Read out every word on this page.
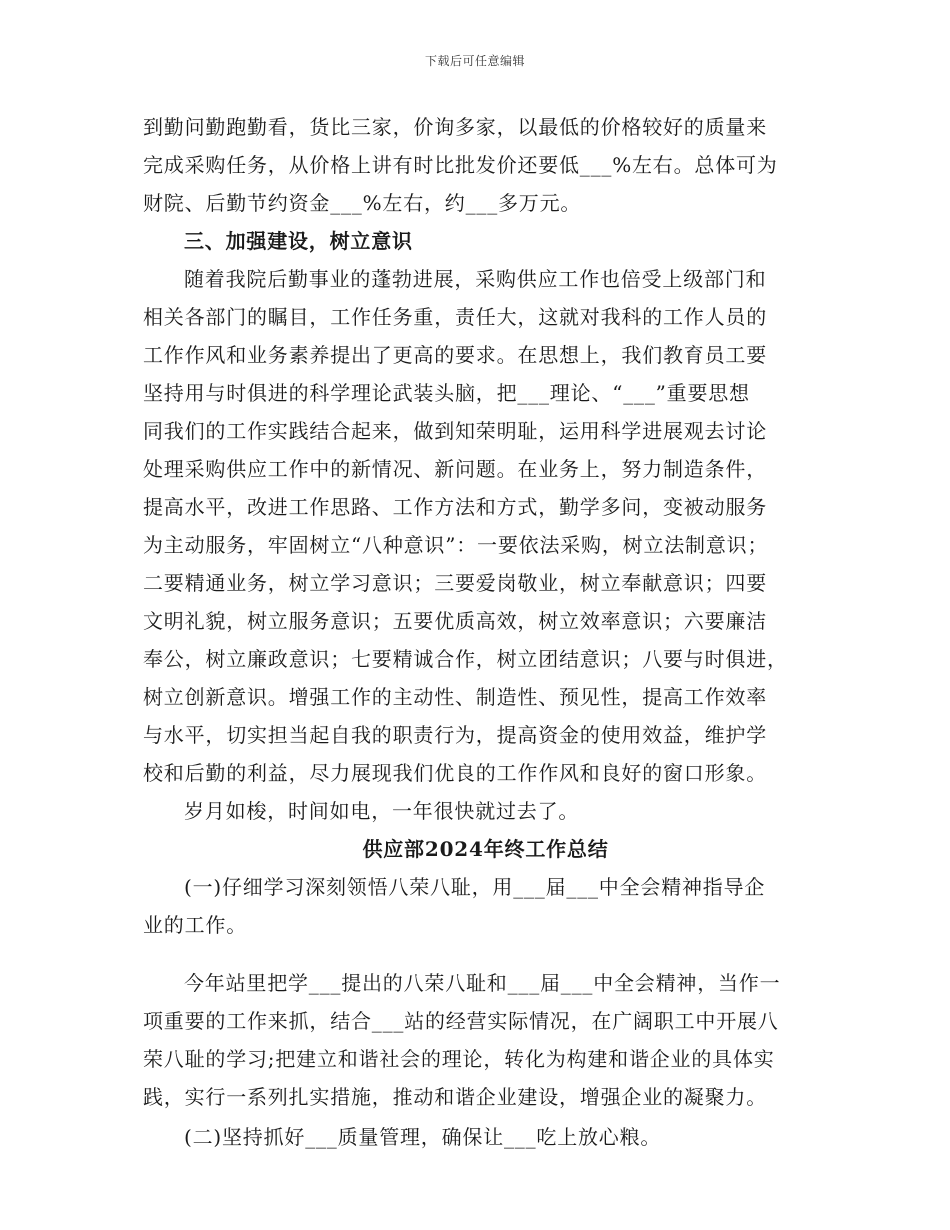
下载后可任意编辑
到勤问勤跑勤看，货比三家，价询多家，以最低的价格较好的质量来
完成采购任务，从价格上讲有时比批发价还要低___%左右。总体可为
财院、后勤节约资金___%左右，约___多万元。
三、加强建设，树立意识
随着我院后勤事业的蓬勃进展，采购供应工作也倍受上级部门和
相关各部门的瞩目，工作任务重，责任大，这就对我科的工作人员的
工作作风和业务素养提出了更高的要求。在思想上，我们教育员工要
坚持用与时俱进的科学理论武装头脑，把___理论、“___”重要思想
同我们的工作实践结合起来，做到知荣明耻，运用科学进展观去讨论
处理采购供应工作中的新情况、新问题。在业务上，努力制造条件，
提高水平，改进工作思路、工作方法和方式，勤学多问，变被动服务
为主动服务，牢固树立“八种意识”：一要依法采购，树立法制意识；
二要精通业务，树立学习意识；三要爱岗敬业，树立奉献意识；四要
文明礼貌，树立服务意识；五要优质高效，树立效率意识；六要廉洁
奉公，树立廉政意识；七要精诚合作，树立团结意识；八要与时俱进，
树立创新意识。增强工作的主动性、制造性、预见性，提高工作效率
与水平，切实担当起自我的职责行为，提高资金的使用效益，维护学
校和后勤的利益，尽力展现我们优良的工作作风和良好的窗口形象。
岁月如梭，时间如电，一年很快就过去了。
供应部2024年终工作总结
(一)仔细学习深刻领悟八荣八耻，用___届___中全会精神指导企
业的工作。
今年站里把学___提出的八荣八耻和___届___中全会精神，当作一
项重要的工作来抓，结合___站的经营实际情况，在广阔职工中开展八
荣八耻的学习;把建立和谐社会的理论，转化为构建和谐企业的具体实
践，实行一系列扎实措施，推动和谐企业建设，增强企业的凝聚力。
(二)坚持抓好___质量管理，确保让___吃上放心粮。
